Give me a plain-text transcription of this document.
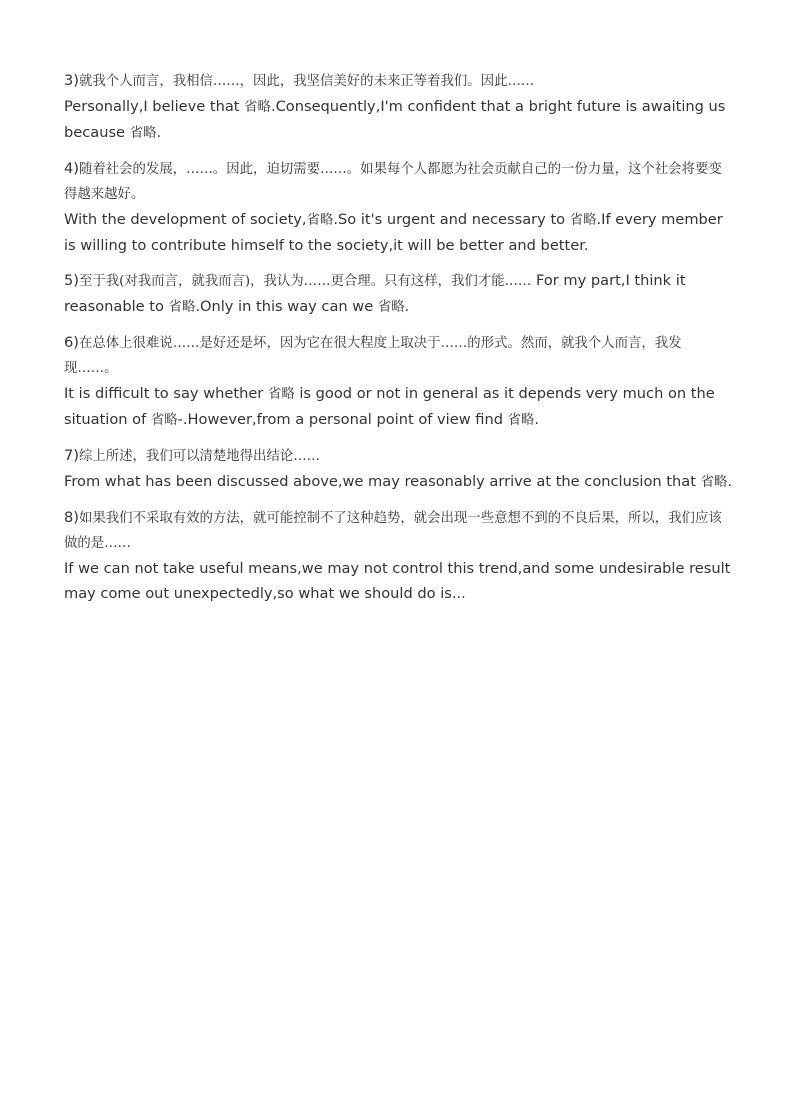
3)就我个人而言，我相信……，因此，我坚信美好的未来正等着我们。因此……

Personally,I believe that 省略.Consequently,I'm confident that a bright future is awaiting us because 省略.

4)随着社会的发展，……。因此，迫切需要……。如果每个人都愿为社会贡献自己的一份力量，这个社会将要变得越来越好。

With the development of society,省略.So it's urgent and necessary to 省略.If every member is willing to contribute himself to the society,it will be better and better.

5)至于我(对我而言，就我而言)，我认为……更合理。只有这样，我们才能…… For my part,I think it reasonable to 省略.Only in this way can we 省略.

6)在总体上很难说……是好还是坏，因为它在很大程度上取决于……的形式。然而，就我个人而言，我发现……。

It is difficult to say whether 省略 is good or not in general as it depends very much on the situation of 省略-.However,from a personal point of view find 省略.

7)综上所述，我们可以清楚地得出结论……

From what has been discussed above,we may reasonably arrive at the conclusion that 省略.

8)如果我们不采取有效的方法，就可能控制不了这种趋势，就会出现一些意想不到的不良后果，所以，我们应该做的是……

If we can not take useful means,we may not control this trend,and some undesirable result may come out unexpectedly,so what we should do is...
